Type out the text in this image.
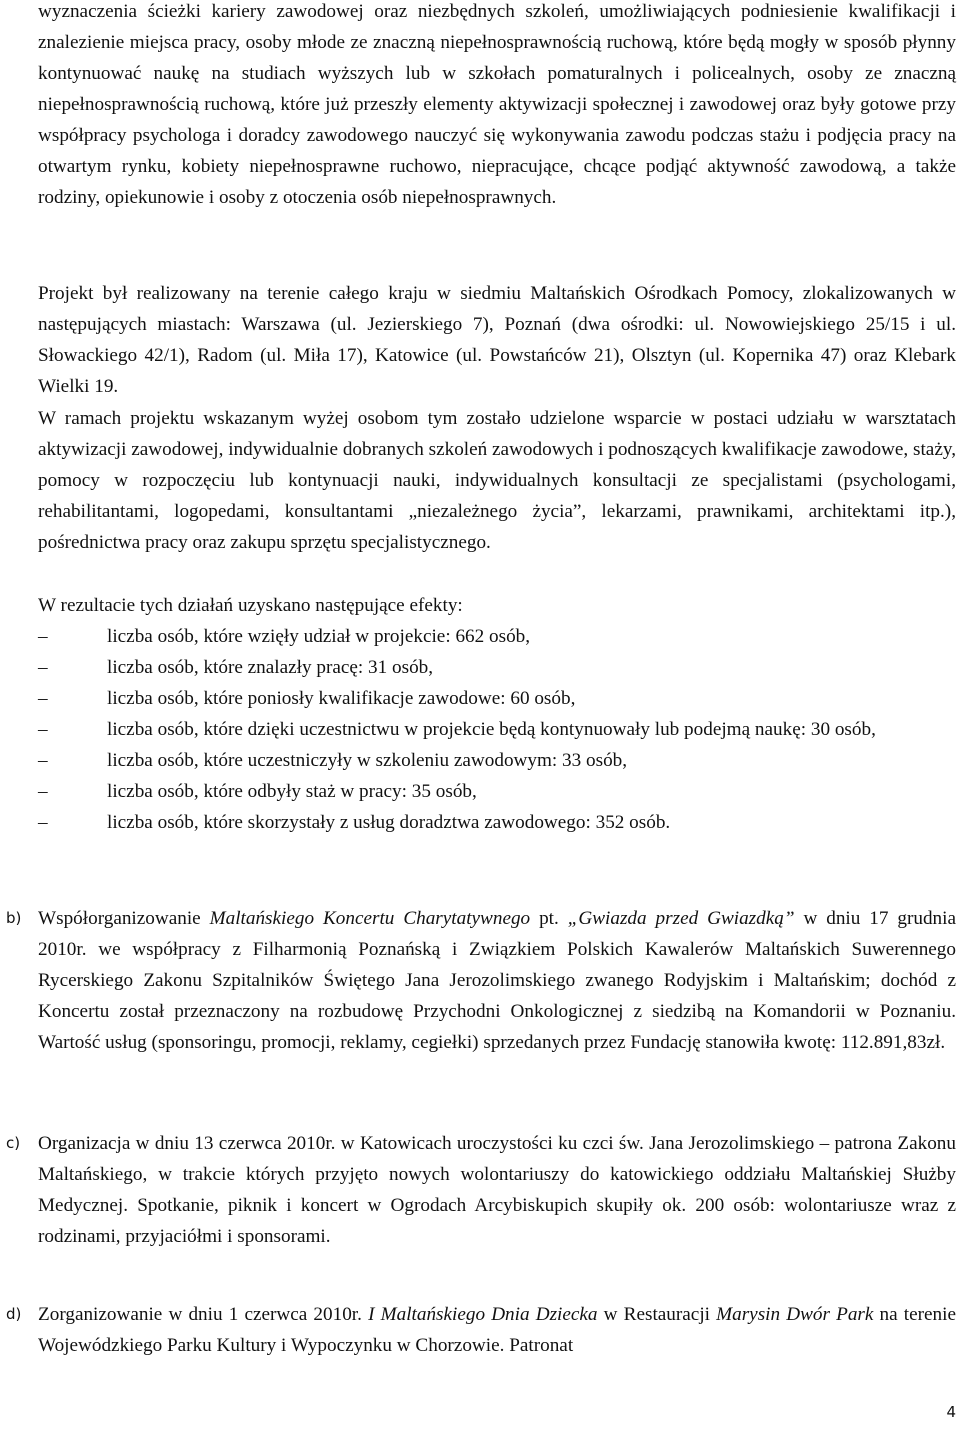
wyznaczenia ścieżki kariery zawodowej oraz niezbędnych szkoleń, umożliwiających podniesienie kwalifikacji i znalezienie miejsca pracy, osoby młode ze znaczną niepełnosprawnością ruchową, które będą mogły w sposób płynny kontynuować naukę na studiach wyższych lub w szkołach pomaturalnych i policealnych, osoby ze znaczną niepełnosprawnością ruchową, które już przeszły elementy aktywizacji społecznej i zawodowej oraz były gotowe przy współpracy psychologa i doradcy zawodowego nauczyć się wykonywania zawodu podczas stażu i podjęcia pracy na otwartym rynku, kobiety niepełnosprawne ruchowo, niepracujące, chcące podjąć aktywność zawodową, a także rodziny, opiekunowie i osoby z otoczenia osób niepełnosprawnych.

Projekt był realizowany na terenie całego kraju w siedmiu Maltańskich Ośrodkach Pomocy, zlokalizowanych w następujących miastach: Warszawa (ul. Jezierskiego 7), Poznań (dwa ośrodki: ul. Nowowiejskiego 25/15 i ul. Słowackiego 42/1), Radom (ul. Miła 17), Katowice (ul. Powstańców 21), Olsztyn (ul. Kopernika 47) oraz Klebark Wielki 19.

W ramach projektu wskazanym wyżej osobom tym zostało udzielone wsparcie w postaci udziału w warsztatach aktywizacji zawodowej, indywidualnie dobranych szkoleń zawodowych i podnoszących kwalifikacje zawodowe, staży, pomocy w rozpoczęciu lub kontynuacji nauki, indywidualnych konsultacji ze specjalistami (psychologami, rehabilitantami, logopedami, konsultantami „niezależnego życia”, lekarzami, prawnikami, architektami itp.), pośrednictwa pracy oraz zakupu sprzętu specjalistycznego.

W rezultacie tych działań uzyskano następujące efekty:

–	liczba osób, które wzięły udział w projekcie: 662 osób,
–	liczba osób, które znalazły pracę: 31 osób,
–	liczba osób, które poniosły kwalifikacje zawodowe: 60 osób,
–	liczba osób, które dzięki uczestnictwu w projekcie będą kontynuowały lub podejmą naukę: 30 osób,
–	liczba osób, które uczestniczyły w szkoleniu zawodowym: 33 osób,
–	liczba osób, które odbyły staż w pracy: 35 osób,
–	liczba osób, które skorzystały z usług doradztwa zawodowego: 352 osób.
b) Współorganizowanie Maltańskiego Koncertu Charytatywnego pt. „Gwiazda przed Gwiazdką” w dniu 17 grudnia 2010r. we współpracy z Filharmonią Poznańską i Związkiem Polskich Kawalerów Maltańskich Suwerennego Rycerskiego Zakonu Szpitalników Świętego Jana Jerozolimskiego zwanego Rodyjskim i Maltańskim; dochód z Koncertu został przeznaczony na rozbudowę Przychodni Onkologicznej z siedzibą na Komandorii w Poznaniu. Wartość usług (sponsoringu, promocji, reklamy, cegiełki) sprzedanych przez Fundację stanowiła kwotę: 112.891,83zł.

c) Organizacja w dniu 13 czerwca 2010r. w Katowicach uroczystości ku czci św. Jana Jerozolimskiego – patrona Zakonu Maltańskiego, w trakcie których przyjęto nowych wolontariuszy do katowickiego oddziału Maltańskiej Służby Medycznej. Spotkanie, piknik i koncert w Ogrodach Arcybiskupich skupiły ok. 200 osób: wolontariusze wraz z rodzinami, przyjaciółmi i sponsorami.

d) Zorganizowanie w dniu 1 czerwca 2010r. I Maltańskiego Dnia Dziecka w Restauracji Marysin Dwór Park na terenie Wojewódzkiego Parku Kultury i Wypoczynku w Chorzowie. Patronat

4
